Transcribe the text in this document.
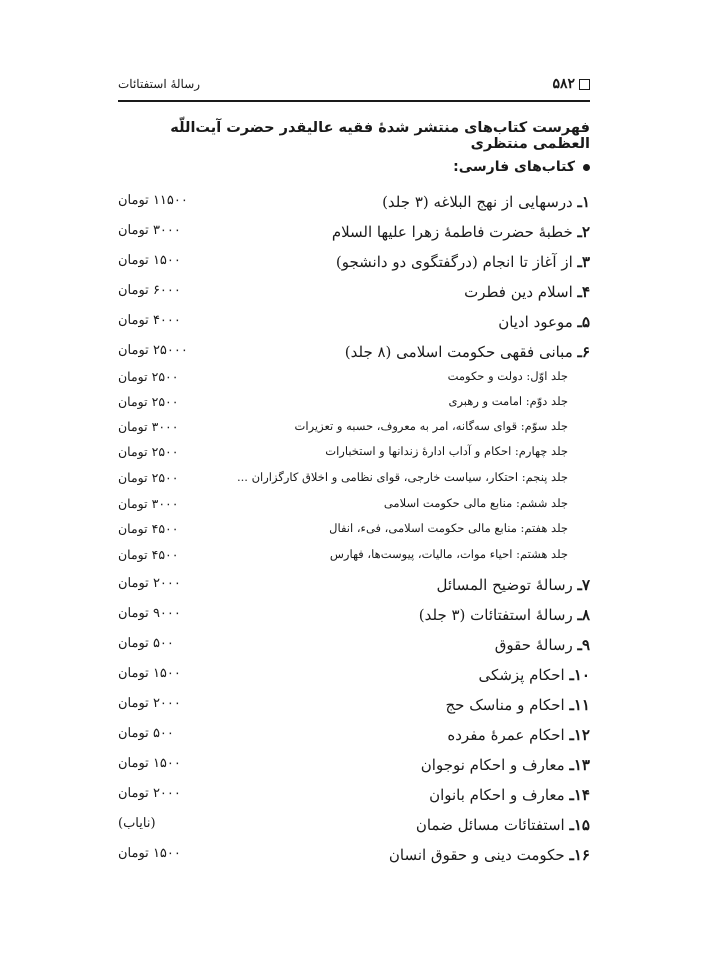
۵۸۲
رسالهٔ استفتائات
فهرست کتاب‌های منتشر شدهٔ فقیه عالیقدر حضرت آیت‌اللّه العظمی منتظری
کتاب‌های فارسی:
۱ـ درسهایی از نهج البلاغه (۳ جلد)
۱۱۵۰۰ تومان
۲ـ خطبهٔ حضرت فاطمهٔ زهرا عليها السلام
۳۰۰۰ تومان
۳ـ از آغاز تا انجام (درگفتگوی دو دانشجو)
۱۵۰۰ تومان
۴ـ اسلام دین فطرت
۶۰۰۰ تومان
۵ـ موعود ادیان
۴۰۰۰ تومان
۶ـ مبانی فقهی حکومت اسلامی (۸ جلد)
۲۵۰۰۰ تومان
جلد اوّل: دولت و حکومت
۲۵۰۰ تومان
جلد دوّم: امامت و رهبری
۲۵۰۰ تومان
جلد سوّم: قوای سه‌گانه، امر به معروف، حسبه و تعزیرات
۳۰۰۰ تومان
جلد چهارم: احکام و آداب ادارهٔ زندانها و استخبارات
۲۵۰۰ تومان
جلد پنجم: احتکار، سیاست خارجی، قوای نظامی و اخلاق کارگزاران ...
۲۵۰۰ تومان
جلد ششم: منابع مالی حکومت اسلامی
۳۰۰۰ تومان
جلد هفتم: منابع مالی حکومت اسلامی، فیء، انفال
۴۵۰۰ تومان
جلد هشتم: احیاء موات، مالیات، پیوست‌ها، فهارس
۴۵۰۰ تومان
۷ـ رسالهٔ توضیح المسائل
۲۰۰۰ تومان
۸ـ رسالهٔ استفتائات (۳ جلد)
۹۰۰۰ تومان
۹ـ رسالهٔ حقوق
۵۰۰ تومان
۱۰ـ احکام پزشکی
۱۵۰۰ تومان
۱۱ـ احکام و مناسک حج
۲۰۰۰ تومان
۱۲ـ احکام عمرهٔ مفرده
۵۰۰ تومان
۱۳ـ معارف و احکام نوجوان
۱۵۰۰ تومان
۱۴ـ معارف و احکام بانوان
۲۰۰۰ تومان
۱۵ـ استفتائات مسائل ضمان
(نایاب)
۱۶ـ حکومت دینی و حقوق انسان
۱۵۰۰ تومان
